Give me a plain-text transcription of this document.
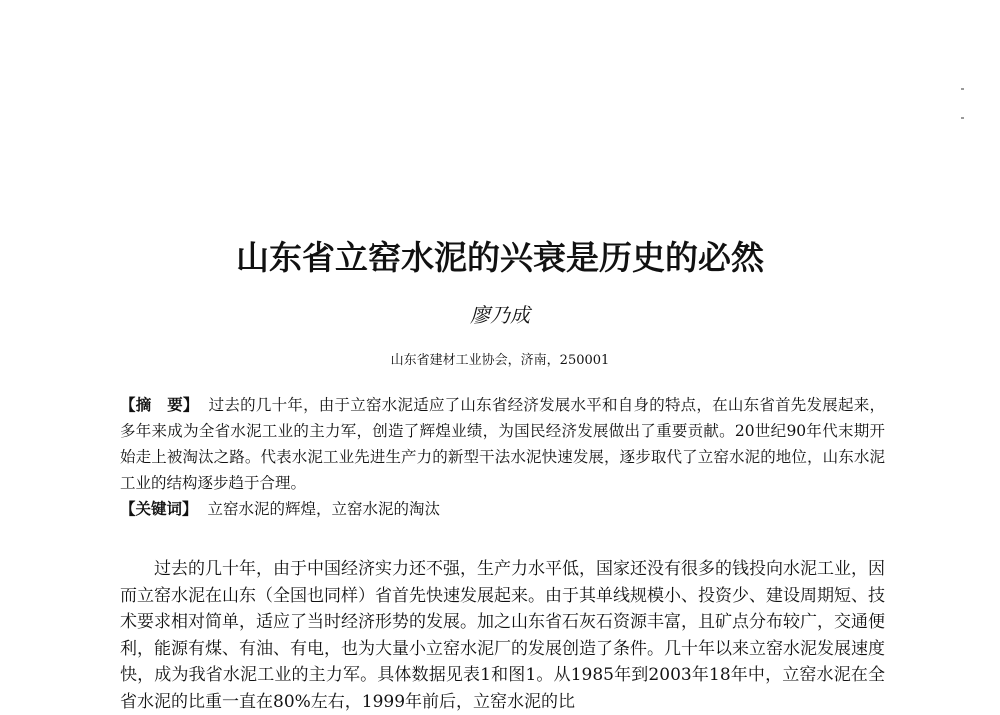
山东省立窑水泥的兴衰是历史的必然
廖乃成
山东省建材工业协会，济南，250001

【摘　要】 过去的几十年，由于立窑水泥适应了山东省经济发展水平和自身的特点，在山东省首先发展起来，多年来成为全省水泥工业的主力军，创造了辉煌业绩，为国民经济发展做出了重要贡献。20世纪90年代末期开始走上被淘汰之路。代表水泥工业先进生产力的新型干法水泥快速发展，逐步取代了立窑水泥的地位，山东水泥工业的结构逐步趋于合理。

【关键词】 立窑水泥的辉煌，立窑水泥的淘汰

过去的几十年，由于中国经济实力还不强，生产力水平低，国家还没有很多的钱投向水泥工业，因而立窑水泥在山东（全国也同样）省首先快速发展起来。由于其单线规模小、投资少、建设周期短、技术要求相对简单，适应了当时经济形势的发展。加之山东省石灰石资源丰富，且矿点分布较广，交通便利，能源有煤、有油、有电，也为大量小立窑水泥厂的发展创造了条件。几十年以来立窑水泥发展速度快，成为我省水泥工业的主力军。具体数据见表1和图1。从1985年到2003年18年中，立窑水泥在全省水泥的比重一直在80%左右，1999年前后，立窑水泥的比
